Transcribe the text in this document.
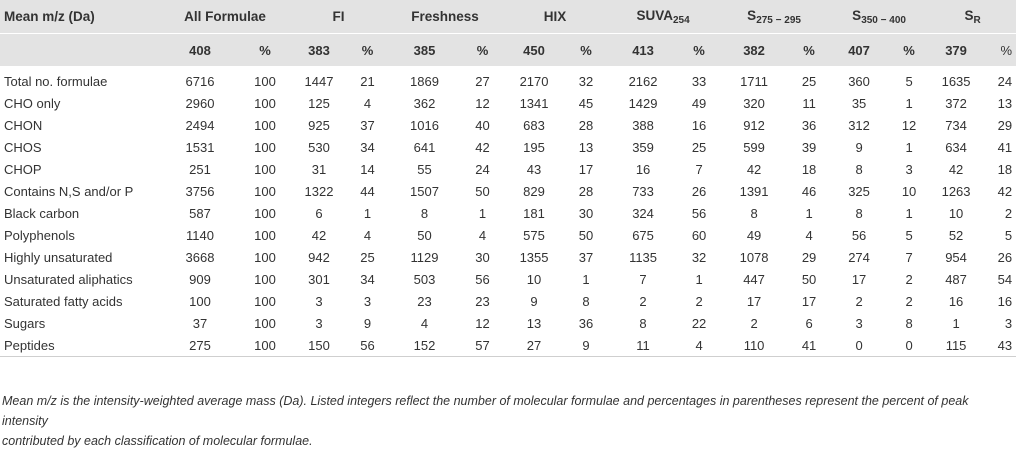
Mean m/z (Da)	All Formulae		FI		Freshness		HIX		$SUVA_{254}$		$S_{275 - 295}$		$S_{350 - 400}$		$S_R$
	408	%	383	%	385	%	450	%	413	%	382	%	407	%	379	%

Total no. formulae	6716	100	1447	21	1869	27	2170	32	2162	33	1711	25	360	5	1635	24
CHO only	2960	100	125	4	362	12	1341	45	1429	49	320	11	35	1	372	13
CHON	2494	100	925	37	1016	40	683	28	388	16	912	36	312	12	734	29
CHOS	1531	100	530	34	641	42	195	13	359	25	599	39	9	1	634	41
CHOP	251	100	31	14	55	24	43	17	16	7	42	18	8	3	42	18
Contains N,S and/or P	3756	100	1322	44	1507	50	829	28	733	26	1391	46	325	10	1263	42
Black carbon	587	100	6	1	8	1	181	30	324	56	8	1	8	1	10	2
Polyphenols	1140	100	42	4	50	4	575	50	675	60	49	4	56	5	52	5
Highly unsaturated	3668	100	942	25	1129	30	1355	37	1135	32	1078	29	274	7	954	26
Unsaturated aliphatics	909	100	301	34	503	56	10	1	7	1	447	50	17	2	487	54
Saturated fatty acids	100	100	3	3	23	23	9	8	2	2	17	17	2	2	16	16
Sugars	37	100	3	9	4	12	13	36	8	22	2	6	3	8	1	3
Peptides	275	100	150	56	152	57	27	9	11	4	110	41	0	0	115	43
Mean m/z is the intensity-weighted average mass (Da). Listed integers reflect the number of molecular formulae and percentages in parentheses represent the percent of peak intensity
contributed by each classification of molecular formulae.
